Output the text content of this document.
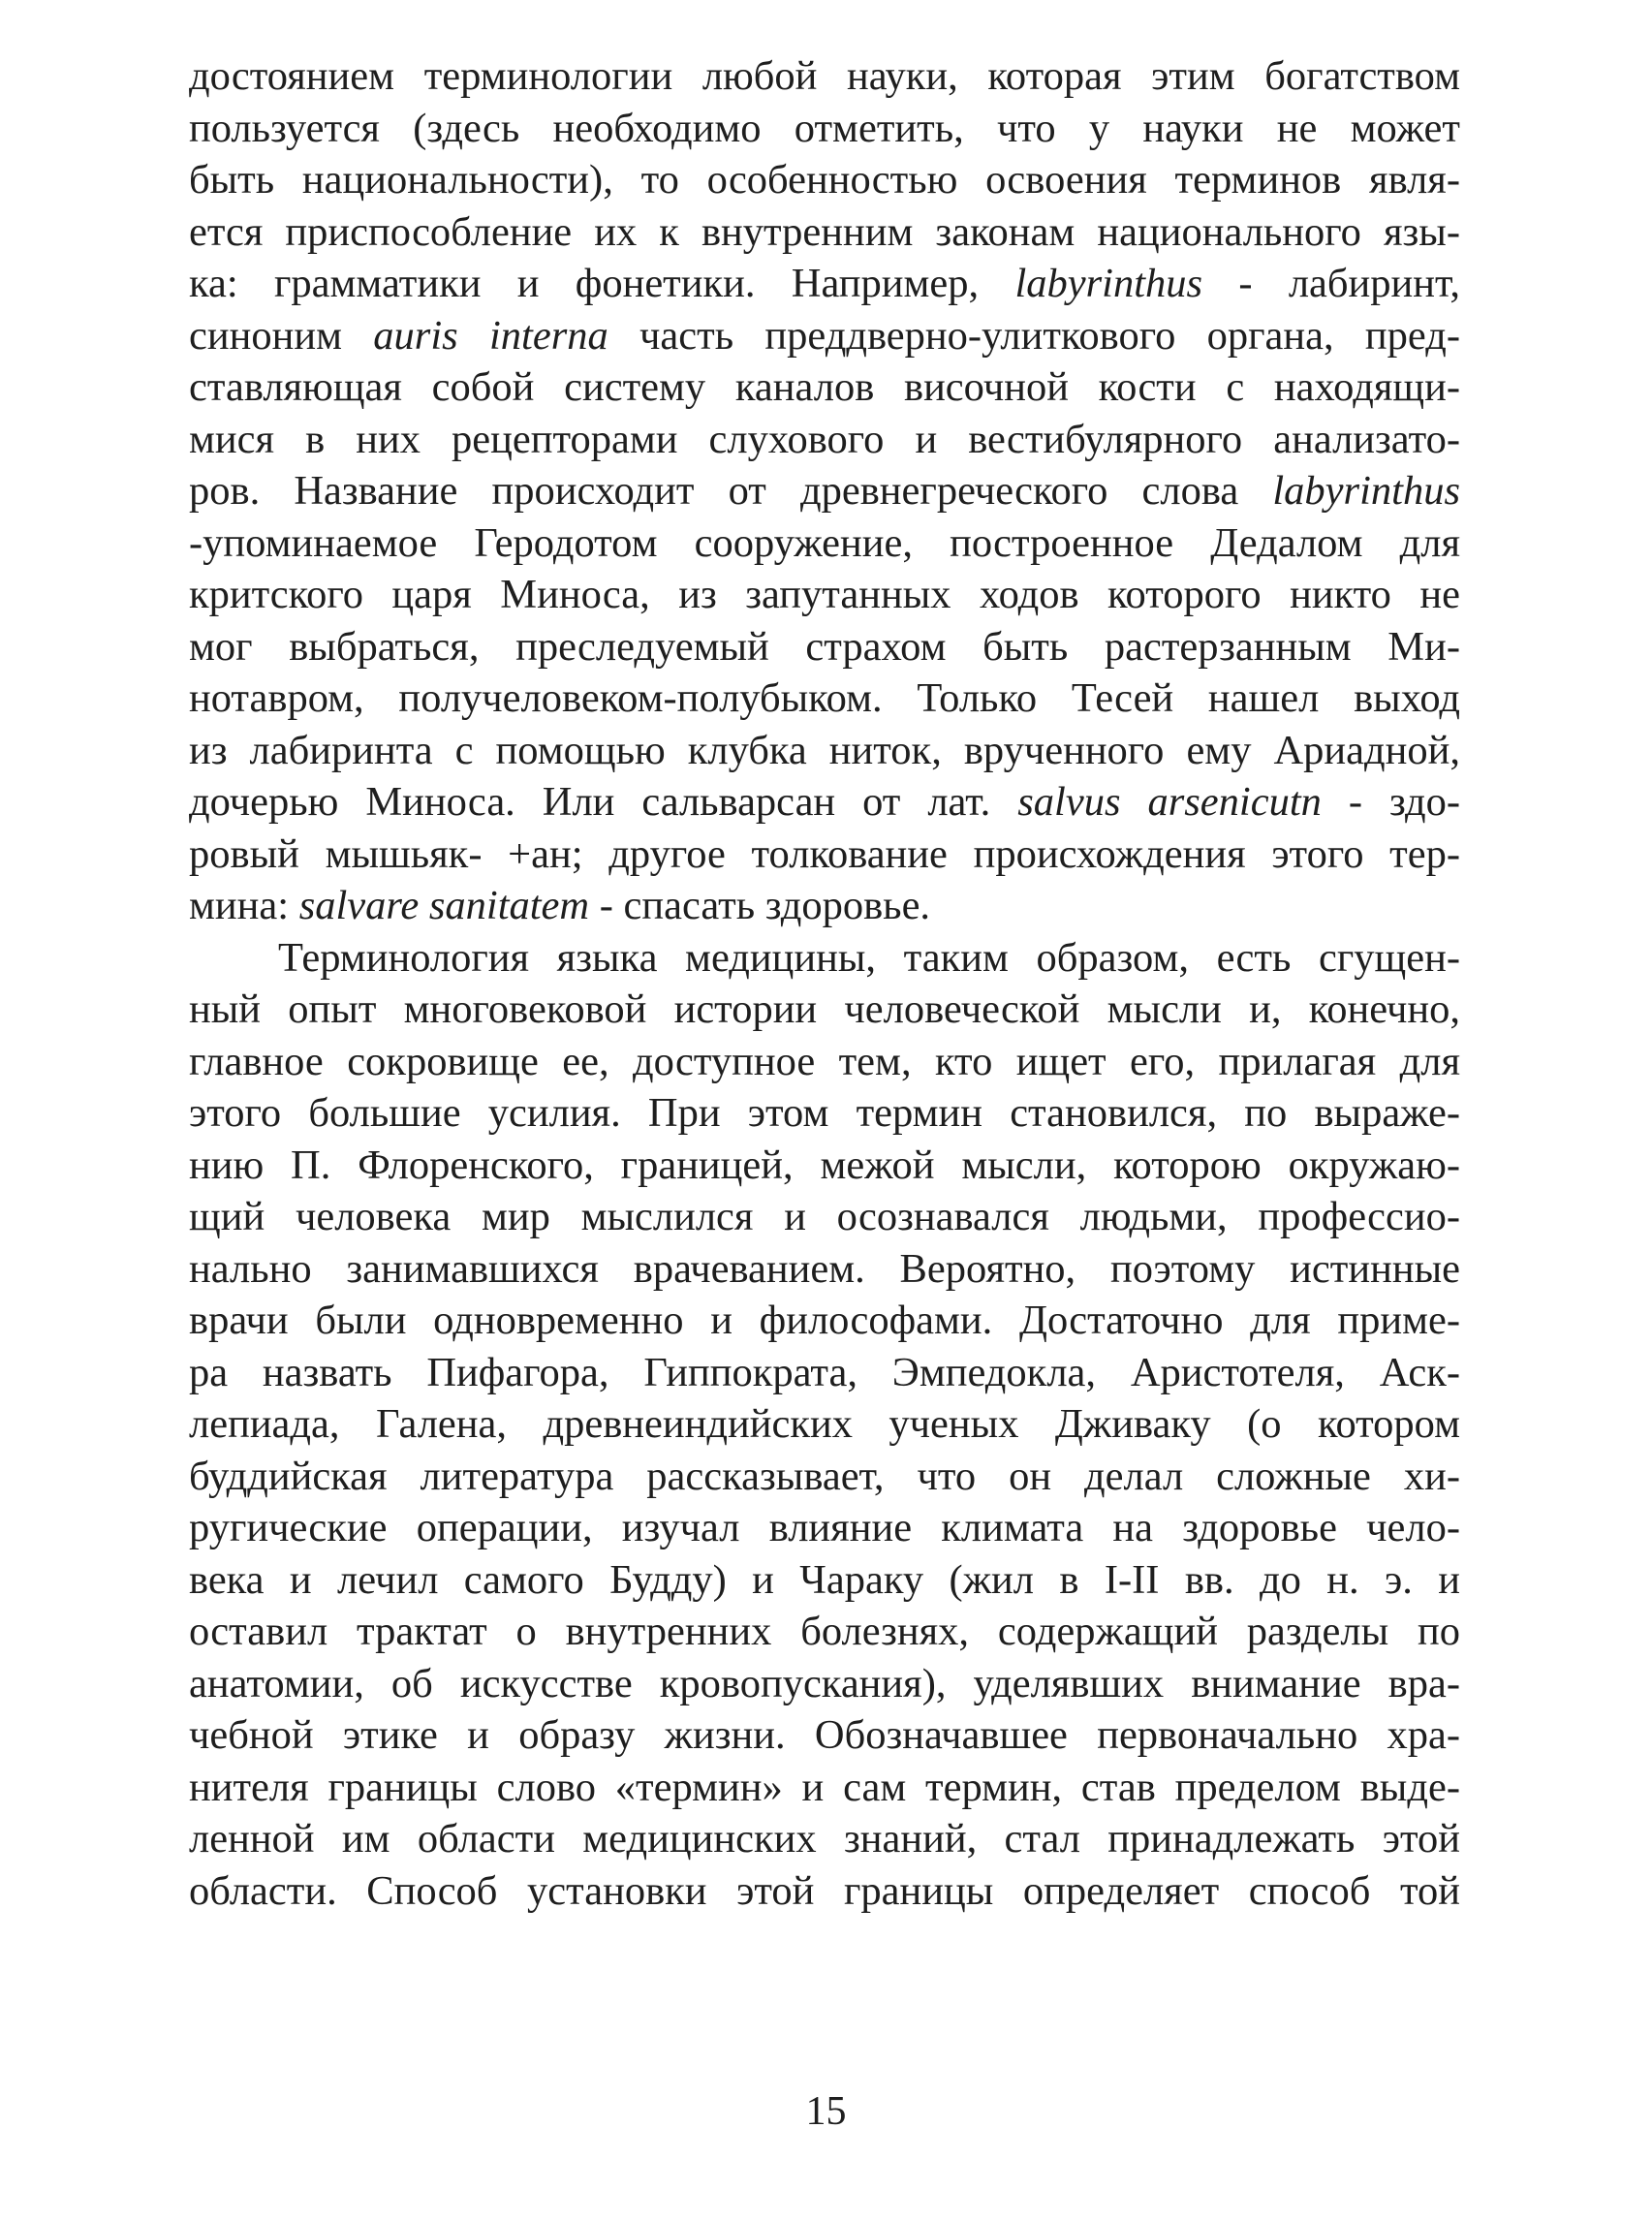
достоянием терминологии любой науки, которая этим богатством
пользуется (здесь необходимо отметить, что у науки не может
быть национальности), то особенностью освоения терминов явля-
ется приспособление их к внутренним законам национального язы-
ка: грамматики и фонетики. Например, labyrinthus - лабиринт,
синоним auris interna часть преддверно-улиткового органа, пред-
ставляющая собой систему каналов височной кости с находящи-
мися в них рецепторами слухового и вестибулярного анализато-
ров. Название происходит от древнегреческого слова labyrinthus
-упоминаемое Геродотом сооружение, построенное Дедалом для
критского царя Миноса, из запутанных ходов которого никто не
мог выбраться, преследуемый страхом быть растерзанным Ми-
нотавром, получеловеком-полубыком. Только Тесей нашел выход
из лабиринта с помощью клубка ниток, врученного ему Ариадной,
дочерью Миноса. Или сальварсан от лат. salvus arsenicutn - здо-
ровый мышьяк- +ан; другое толкование происхождения этого тер-
мина: salvare sanitatem - спасать здоровье.
Терминология языка медицины, таким образом, есть сгущен-
ный опыт многовековой истории человеческой мысли и, конечно,
главное сокровище ее, доступное тем, кто ищет его, прилагая для
этого большие усилия. При этом термин становился, по выраже-
нию П. Флоренского, границей, межой мысли, которою окружаю-
щий человека мир мыслился и осознавался людьми, профессио-
нально занимавшихся врачеванием. Вероятно, поэтому истинные
врачи были одновременно и философами. Достаточно для приме-
ра назвать Пифагора, Гиппократа, Эмпедокла, Аристотеля, Аск-
лепиада, Галена, древнеиндийских ученых Дживаку (о котором
буддийская литература рассказывает, что он делал сложные хи-
ругические операции, изучал влияние климата на здоровье чело-
века и лечил самого Будду) и Чараку (жил в I-II вв. до н. э. и
оставил трактат о внутренних болезнях, содержащий разделы по
анатомии, об искусстве кровопускания), уделявших внимание вра-
чебной этике и образу жизни. Обозначавшее первоначально хра-
нителя границы слово «термин» и сам термин, став пределом выде-
ленной им области медицинских знаний, стал принадлежать этой
области. Способ установки этой границы определяет способ той
15
